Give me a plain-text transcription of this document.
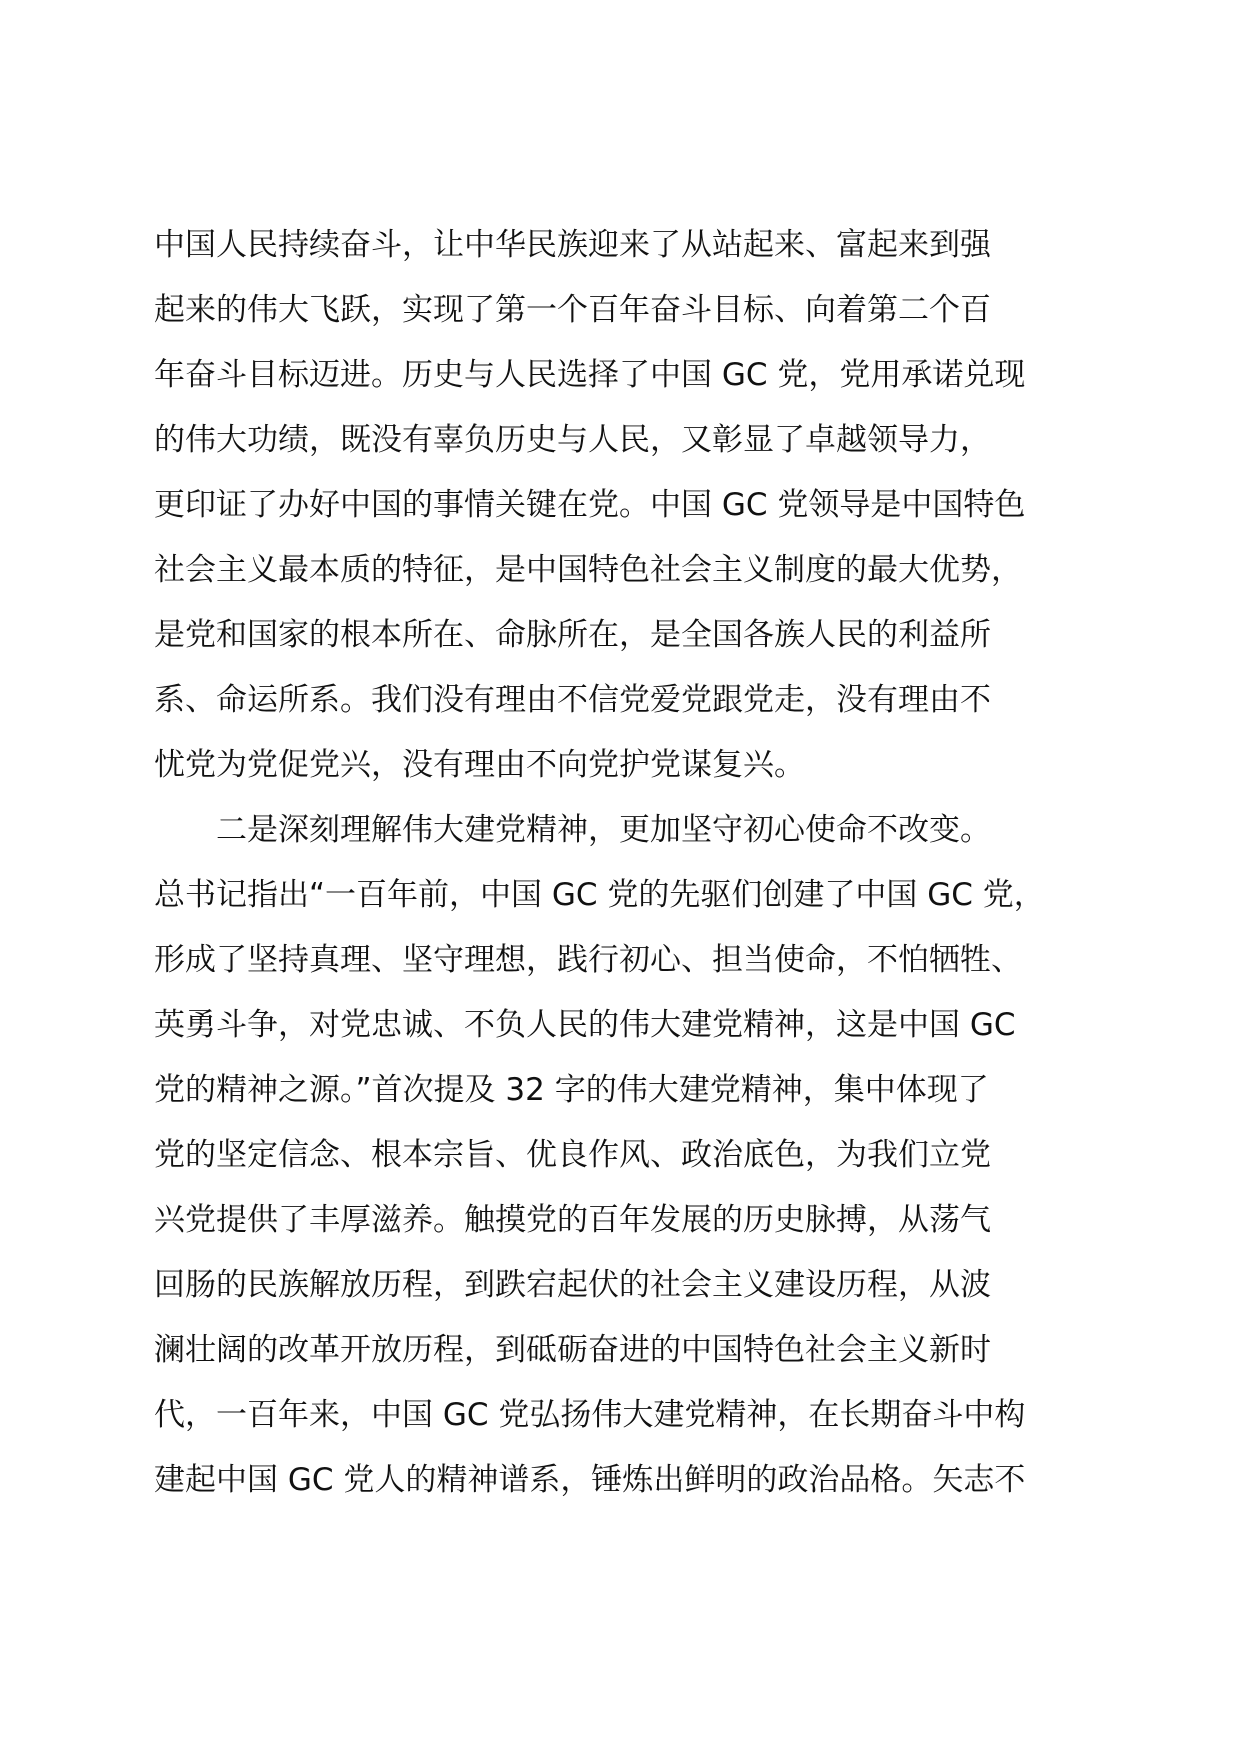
中国人民持续奋斗，让中华民族迎来了从站起来、富起来到强
起来的伟大飞跃，实现了第一个百年奋斗目标、向着第二个百
年奋斗目标迈进。历史与人民选择了中国 GC 党，党用承诺兑现
的伟大功绩，既没有辜负历史与人民，又彰显了卓越领导力，
更印证了办好中国的事情关键在党。中国 GC 党领导是中国特色
社会主义最本质的特征，是中国特色社会主义制度的最大优势，
是党和国家的根本所在、命脉所在，是全国各族人民的利益所
系、命运所系。我们没有理由不信党爱党跟党走，没有理由不
忧党为党促党兴，没有理由不向党护党谋复兴。
　　二是深刻理解伟大建党精神，更加坚守初心使命不改变。
总书记指出“一百年前，中国 GC 党的先驱们创建了中国 GC 党，
形成了坚持真理、坚守理想，践行初心、担当使命，不怕牺牲、
英勇斗争，对党忠诚、不负人民的伟大建党精神，这是中国 GC
党的精神之源。”首次提及 32 字的伟大建党精神，集中体现了
党的坚定信念、根本宗旨、优良作风、政治底色，为我们立党
兴党提供了丰厚滋养。触摸党的百年发展的历史脉搏，从荡气
回肠的民族解放历程，到跌宕起伏的社会主义建设历程，从波
澜壮阔的改革开放历程，到砥砺奋进的中国特色社会主义新时
代，一百年来，中国 GC 党弘扬伟大建党精神，在长期奋斗中构
建起中国 GC 党人的精神谱系，锤炼出鲜明的政治品格。矢志不
